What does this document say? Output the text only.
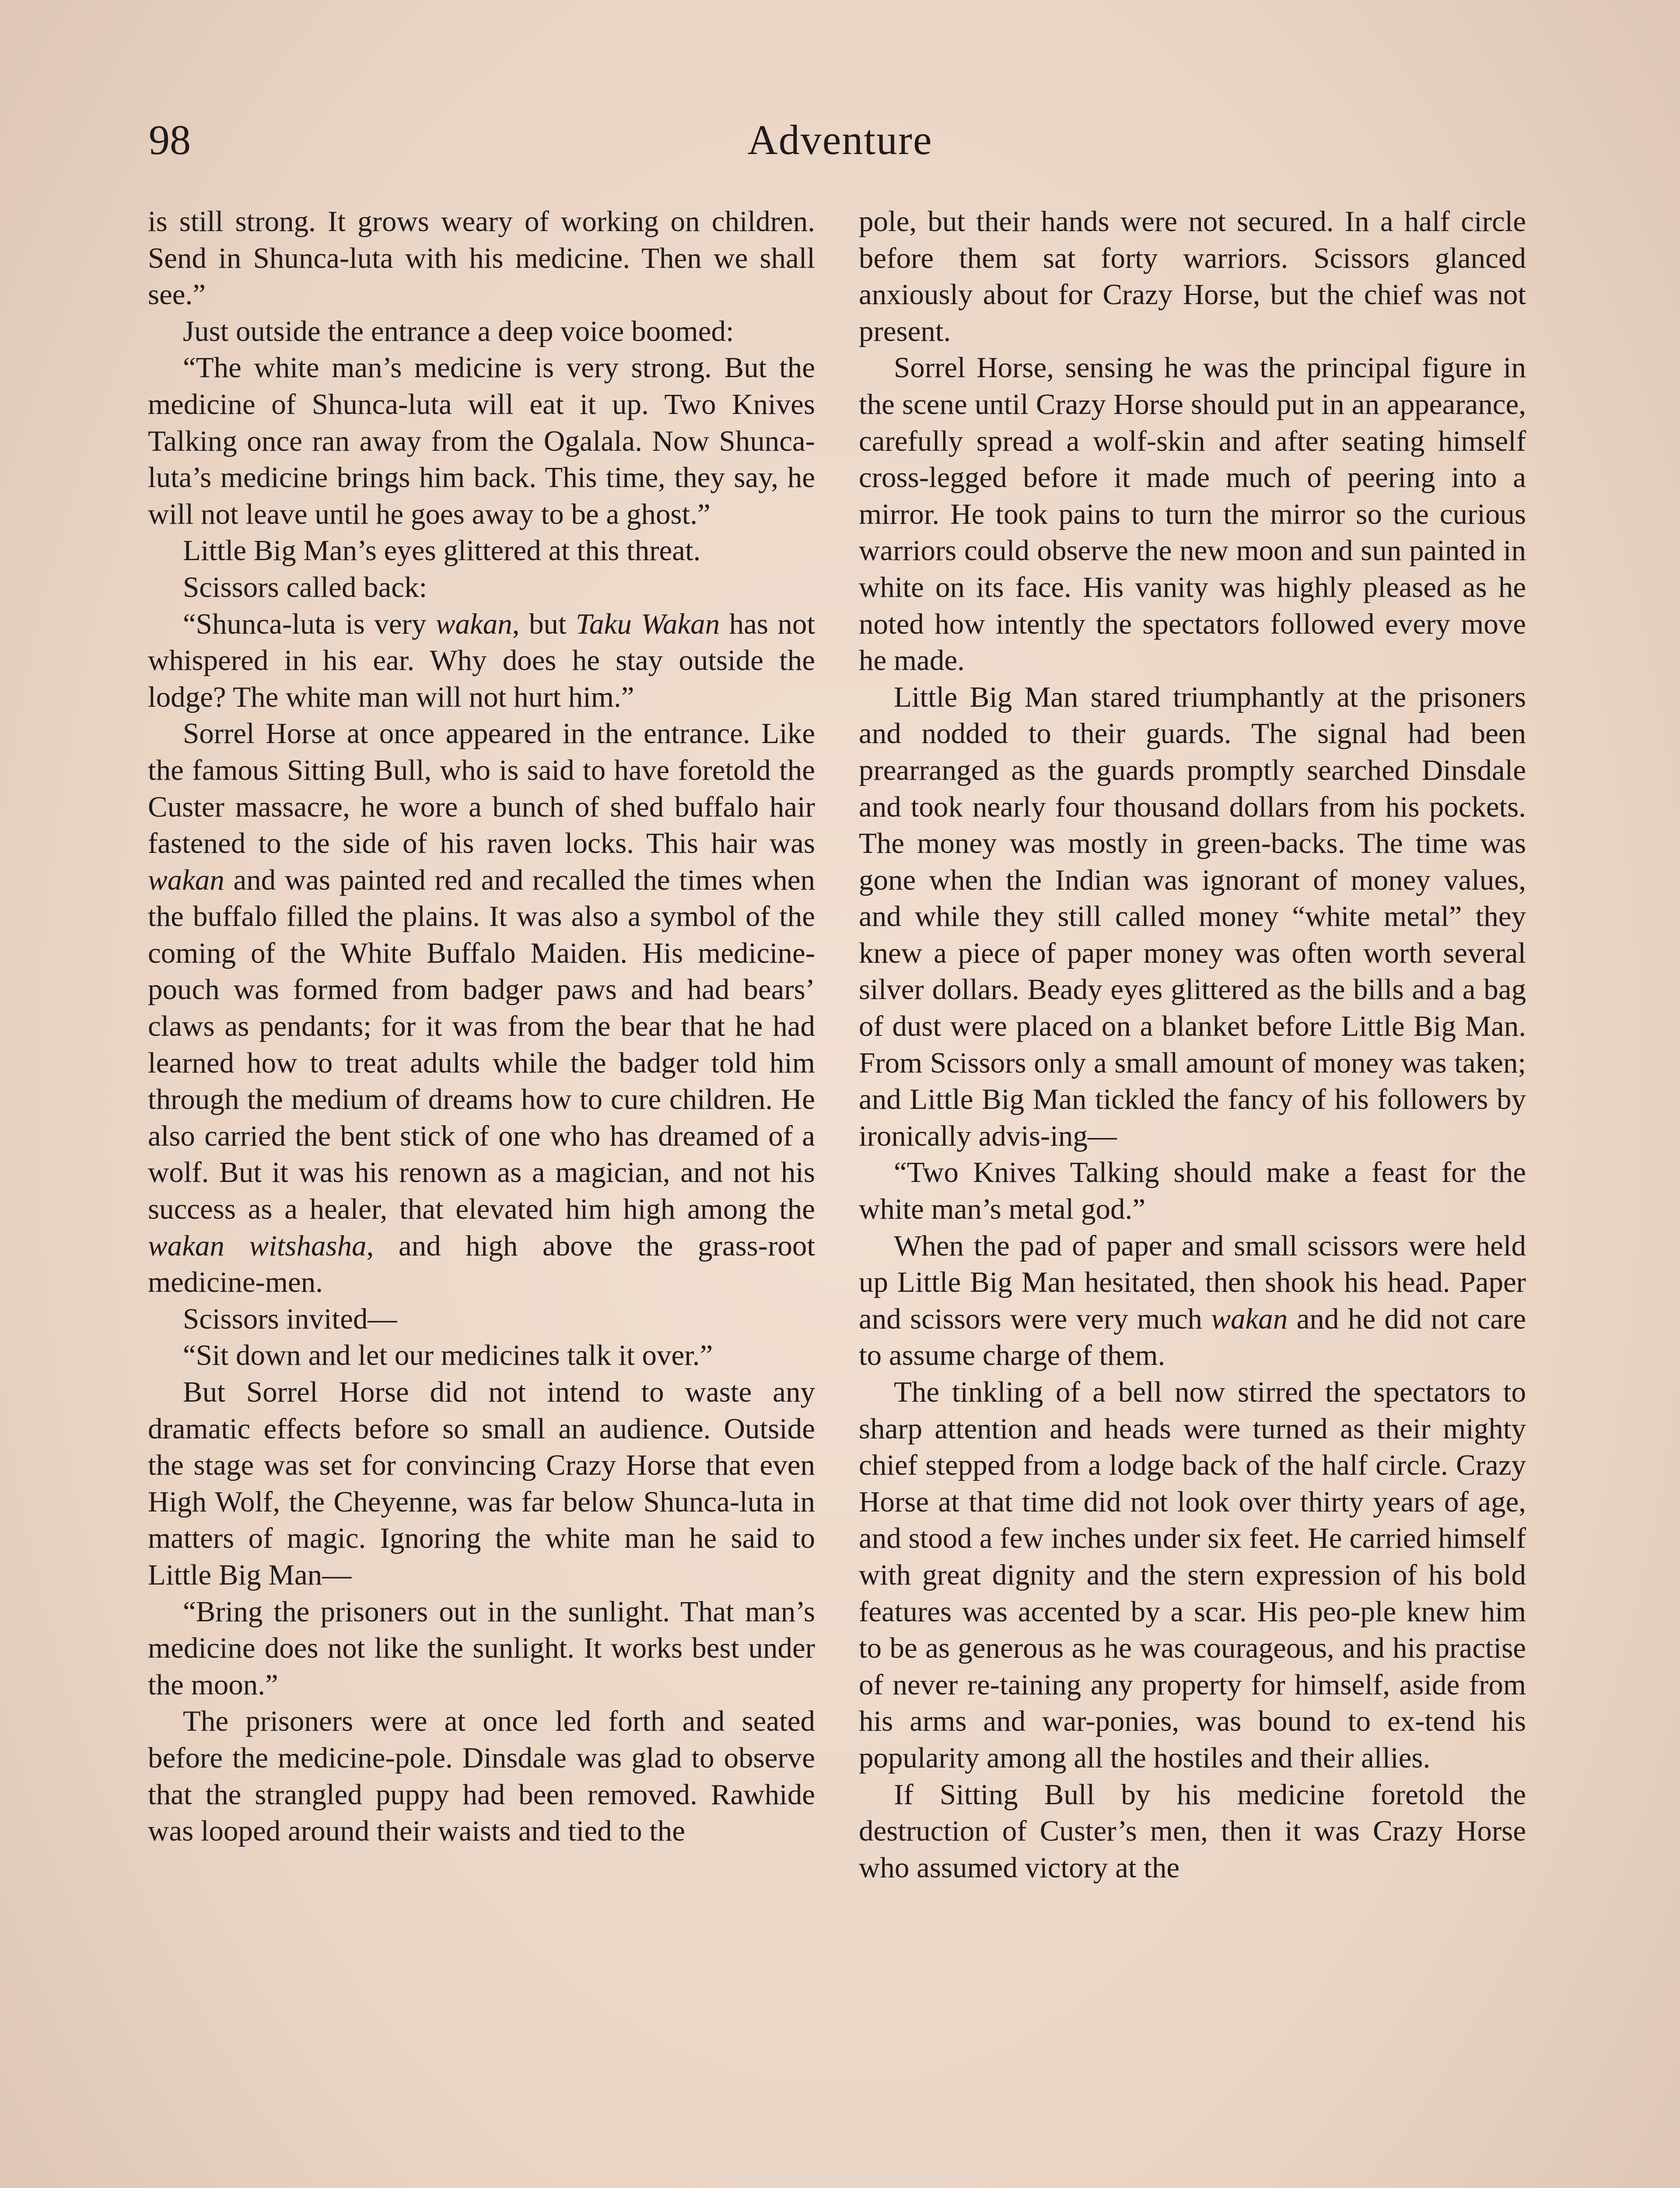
98	Adventure

is still strong. It grows weary of working on children. Send in Shunca-luta with his medicine. Then we shall see.”

Just outside the entrance a deep voice boomed:

“The white man’s medicine is very strong. But the medicine of Shunca-luta will eat it up. Two Knives Talking once ran away from the Ogalala. Now Shunca-luta’s medicine brings him back. This time, they say, he will not leave until he goes away to be a ghost.”

Little Big Man’s eyes glittered at this threat.

Scissors called back:

“Shunca-luta is very wakan, but Taku Wakan has not whispered in his ear. Why does he stay outside the lodge? The white man will not hurt him.”

Sorrel Horse at once appeared in the entrance. Like the famous Sitting Bull, who is said to have foretold the Custer massacre, he wore a bunch of shed buffalo hair fastened to the side of his raven locks. This hair was wakan and was painted red and recalled the times when the buffalo filled the plains. It was also a symbol of the coming of the White Buffalo Maiden. His medicine-pouch was formed from badger paws and had bears’ claws as pendants; for it was from the bear that he had learned how to treat adults while the badger told him through the medium of dreams how to cure children. He also carried the bent stick of one who has dreamed of a wolf. But it was his renown as a magician, and not his success as a healer, that elevated him high among the wakan witshasha, and high above the grass-root medicine-men.

Scissors invited—

“Sit down and let our medicines talk it over.”

But Sorrel Horse did not intend to waste any dramatic effects before so small an audience. Outside the stage was set for convincing Crazy Horse that even High Wolf, the Cheyenne, was far below Shunca-luta in matters of magic. Ignoring the white man he said to Little Big Man—

“Bring the prisoners out in the sunlight. That man’s medicine does not like the sunlight. It works best under the moon.”

The prisoners were at once led forth and seated before the medicine-pole. Dinsdale was glad to observe that the strangled puppy had been removed. Rawhide was looped around their waists and tied to the

pole, but their hands were not secured. In a half circle before them sat forty warriors. Scissors glanced anxiously about for Crazy Horse, but the chief was not present.

Sorrel Horse, sensing he was the principal figure in the scene until Crazy Horse should put in an appearance, carefully spread a wolf-skin and after seating himself cross-legged before it made much of peering into a mirror. He took pains to turn the mirror so the curious warriors could observe the new moon and sun painted in white on its face. His vanity was highly pleased as he noted how intently the spectators followed every move he made.

Little Big Man stared triumphantly at the prisoners and nodded to their guards. The signal had been prearranged as the guards promptly searched Dinsdale and took nearly four thousand dollars from his pockets. The money was mostly in green-backs. The time was gone when the Indian was ignorant of money values, and while they still called money “white metal” they knew a piece of paper money was often worth several silver dollars. Beady eyes glittered as the bills and a bag of dust were placed on a blanket before Little Big Man. From Scissors only a small amount of money was taken; and Little Big Man tickled the fancy of his followers by ironically advis-ing—

“Two Knives Talking should make a feast for the white man’s metal god.”

When the pad of paper and small scissors were held up Little Big Man hesitated, then shook his head. Paper and scissors were very much wakan and he did not care to assume charge of them.

The tinkling of a bell now stirred the spectators to sharp attention and heads were turned as their mighty chief stepped from a lodge back of the half circle. Crazy Horse at that time did not look over thirty years of age, and stood a few inches under six feet. He carried himself with great dignity and the stern expression of his bold features was accented by a scar. His peo-ple knew him to be as generous as he was courageous, and his practise of never re-taining any property for himself, aside from his arms and war-ponies, was bound to ex-tend his popularity among all the hostiles and their allies.

If Sitting Bull by his medicine foretold the destruction of Custer’s men, then it was Crazy Horse who assumed victory at the
